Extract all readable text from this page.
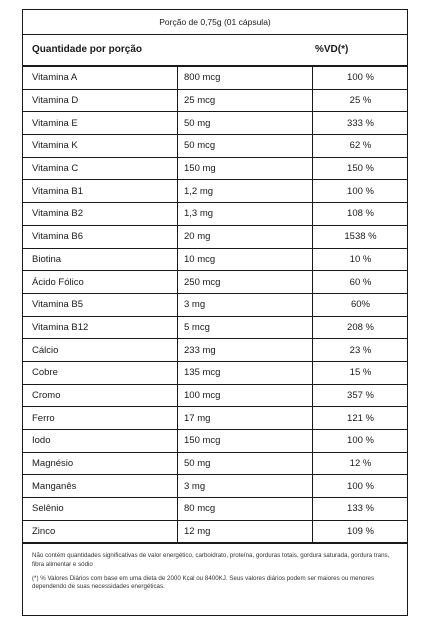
Porção de 0,75g (01 cápsula)
Quantidade por porção	%VD(*)
Vitamina A	800 mcg	100 %
Vitamina D	25 mcg	25 %
Vitamina E	50 mg	333 %
Vitamina K	50 mcg	62 %
Vitamina C	150 mg	150 %
Vitamina B1	1,2 mg	100 %
Vitamina B2	1,3 mg	108 %
Vitamina B6	20 mg	1538 %
Biotina	10 mcg	10 %
Ácido Fólico	250 mcg	60 %
Vitamina B5	3 mg	60%
Vitamina B12	5 mcg	208 %
Cálcio	233 mg	23 %
Cobre	135 mcg	15 %
Cromo	100 mcg	357 %
Ferro	17 mg	121 %
Iodo	150 mcg	100 %
Magnésio	50 mg	12 %
Manganês	3 mg	100 %
Selênio	80 mcg	133 %
Zinco	12 mg	109 %

Não contém quantidades significativas de valor energético, carboidrato, proteína, gorduras totais, gordura saturada, gordura trans, fibra alimentar e sódio

(*) % Valores Diários com base em uma dieta de 2000 Kcal ou 8400KJ. Seus valores diários podem ser maiores ou menores dependendo de suas necessidades energéticas.
